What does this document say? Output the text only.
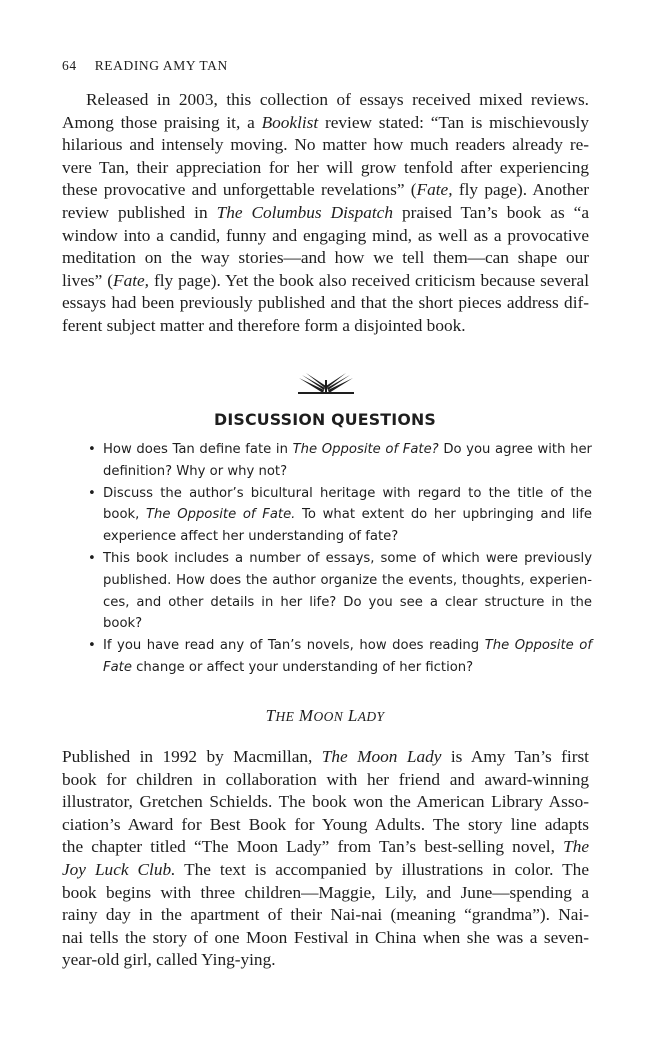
64 READING AMY TAN
Released in 2003, this collection of essays received mixed reviews.
Among those praising it, a Booklist review stated: “Tan is mischievously
hilarious and intensely moving. No matter how much readers already re-
vere Tan, their appreciation for her will grow tenfold after experiencing
these provocative and unforgettable revelations” (Fate, fly page). Another
review published in The Columbus Dispatch praised Tan’s book as “a
window into a candid, funny and engaging mind, as well as a provocative
meditation on the way stories—and how we tell them—can shape our
lives” (Fate, fly page). Yet the book also received criticism because several
essays had been previously published and that the short pieces address dif-
ferent subject matter and therefore form a disjointed book.
DISCUSSION QUESTIONS
• How does Tan define fate in The Opposite of Fate? Do you agree with her definition? Why or why not?
• Discuss the author’s bicultural heritage with regard to the title of the book, The Opposite of Fate. To what extent do her upbringing and life experience affect her understanding of fate?
• This book includes a number of essays, some of which were previously published. How does the author organize the events, thoughts, experiences, and other details in her life? Do you see a clear structure in the book?
• If you have read any of Tan’s novels, how does reading The Opposite of Fate change or affect your understanding of her fiction?
THE MOON LADY
Published in 1992 by Macmillan, The Moon Lady is Amy Tan’s first
book for children in collaboration with her friend and award-winning
illustrator, Gretchen Schields. The book won the American Library Asso-
ciation’s Award for Best Book for Young Adults. The story line adapts
the chapter titled “The Moon Lady” from Tan’s best-selling novel, The
Joy Luck Club. The text is accompanied by illustrations in color. The
book begins with three children—Maggie, Lily, and June—spending a
rainy day in the apartment of their Nai-nai (meaning “grandma”). Nai-
nai tells the story of one Moon Festival in China when she was a seven-
year-old girl, called Ying-ying.
